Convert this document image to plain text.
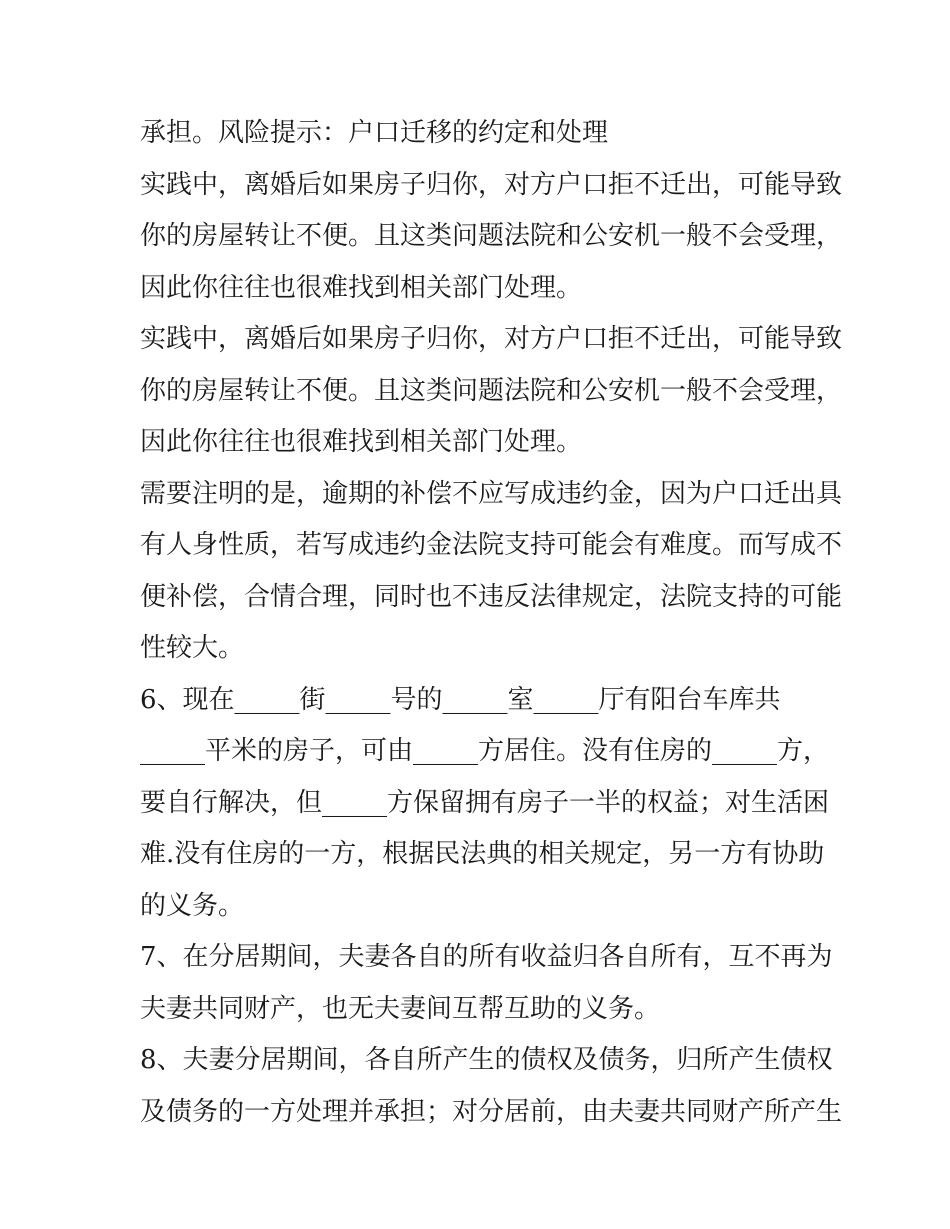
承担。风险提示：户口迁移的约定和处理
实践中，离婚后如果房子归你，对方户口拒不迁出，可能导致
你的房屋转让不便。且这类问题法院和公安机一般不会受理，
因此你往往也很难找到相关部门处理。
实践中，离婚后如果房子归你，对方户口拒不迁出，可能导致
你的房屋转让不便。且这类问题法院和公安机一般不会受理，
因此你往往也很难找到相关部门处理。
需要注明的是，逾期的补偿不应写成违约金，因为户口迁出具
有人身性质，若写成违约金法院支持可能会有难度。而写成不
便补偿，合情合理，同时也不违反法律规定，法院支持的可能
性较大。
6、现在_____街_____号的_____室_____厅有阳台车库共
_____平米的房子，可由_____方居住。没有住房的_____方，
要自行解决，但_____方保留拥有房子一半的权益；对生活困
难.没有住房的一方，根据民法典的相关规定，另一方有协助
的义务。
7、在分居期间，夫妻各自的所有收益归各自所有，互不再为
夫妻共同财产，也无夫妻间互帮互助的义务。
8、夫妻分居期间，各自所产生的债权及债务，归所产生债权
及债务的一方处理并承担；对分居前，由夫妻共同财产所产生
